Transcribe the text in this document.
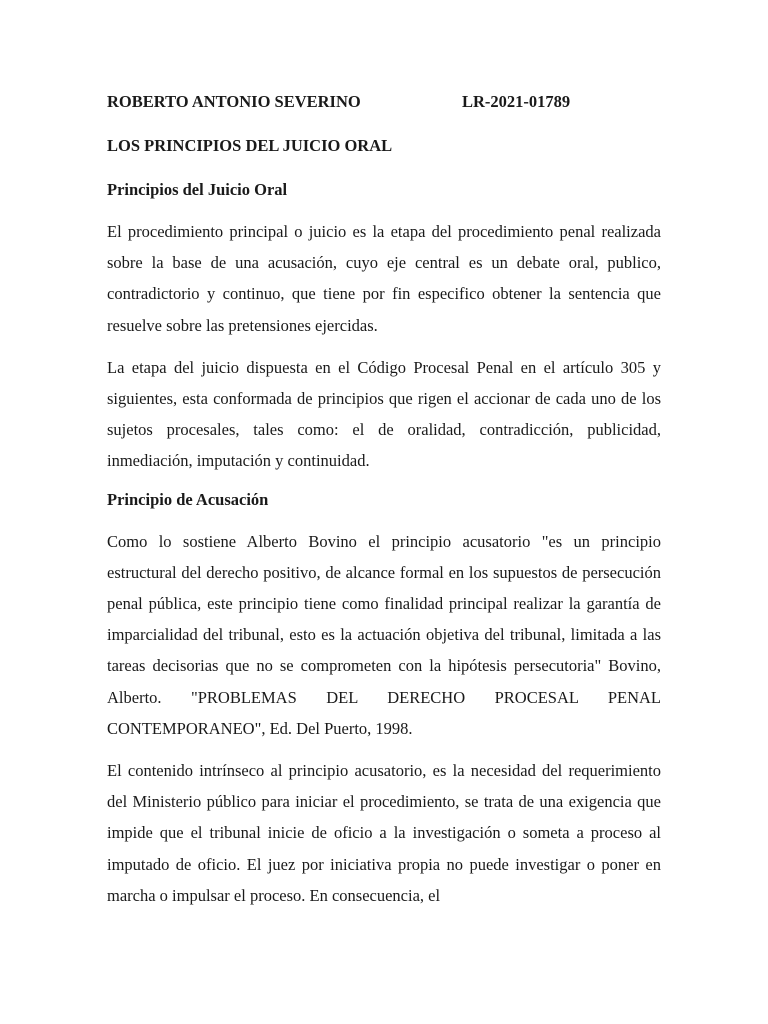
ROBERTO ANTONIO SEVERINO	LR-2021-01789
LOS PRINCIPIOS DEL JUICIO ORAL
Principios del Juicio Oral

El procedimiento principal o juicio es la etapa del procedimiento penal realizada sobre la base de una acusación, cuyo eje central es un debate oral, publico, contradictorio y continuo, que tiene por fin especifico obtener la sentencia que resuelve sobre las pretensiones ejercidas.

La etapa del juicio dispuesta en el Código Procesal Penal en el artículo 305 y siguientes, esta conformada de principios que rigen el accionar de cada uno de los sujetos procesales, tales como: el de oralidad, contradicción, publicidad, inmediación, imputación y continuidad.

Principio de Acusación

Como lo sostiene Alberto Bovino el principio acusatorio "es un principio estructural del derecho positivo, de alcance formal en los supuestos de persecución penal pública, este principio tiene como finalidad principal realizar la garantía de imparcialidad del tribunal, esto es la actuación objetiva del tribunal, limitada a las tareas decisorias que no se comprometen con la hipótesis persecutoria" Bovino, Alberto. "PROBLEMAS DEL DERECHO PROCESAL PENAL CONTEMPORANEO", Ed. Del Puerto, 1998.

El contenido intrínseco al principio acusatorio, es la necesidad del requerimiento del Ministerio público para iniciar el procedimiento, se trata de una exigencia que impide que el tribunal inicie de oficio a la investigación o someta a proceso al imputado de oficio. El juez por iniciativa propia no puede investigar o poner en marcha o impulsar el proceso. En consecuencia, el
